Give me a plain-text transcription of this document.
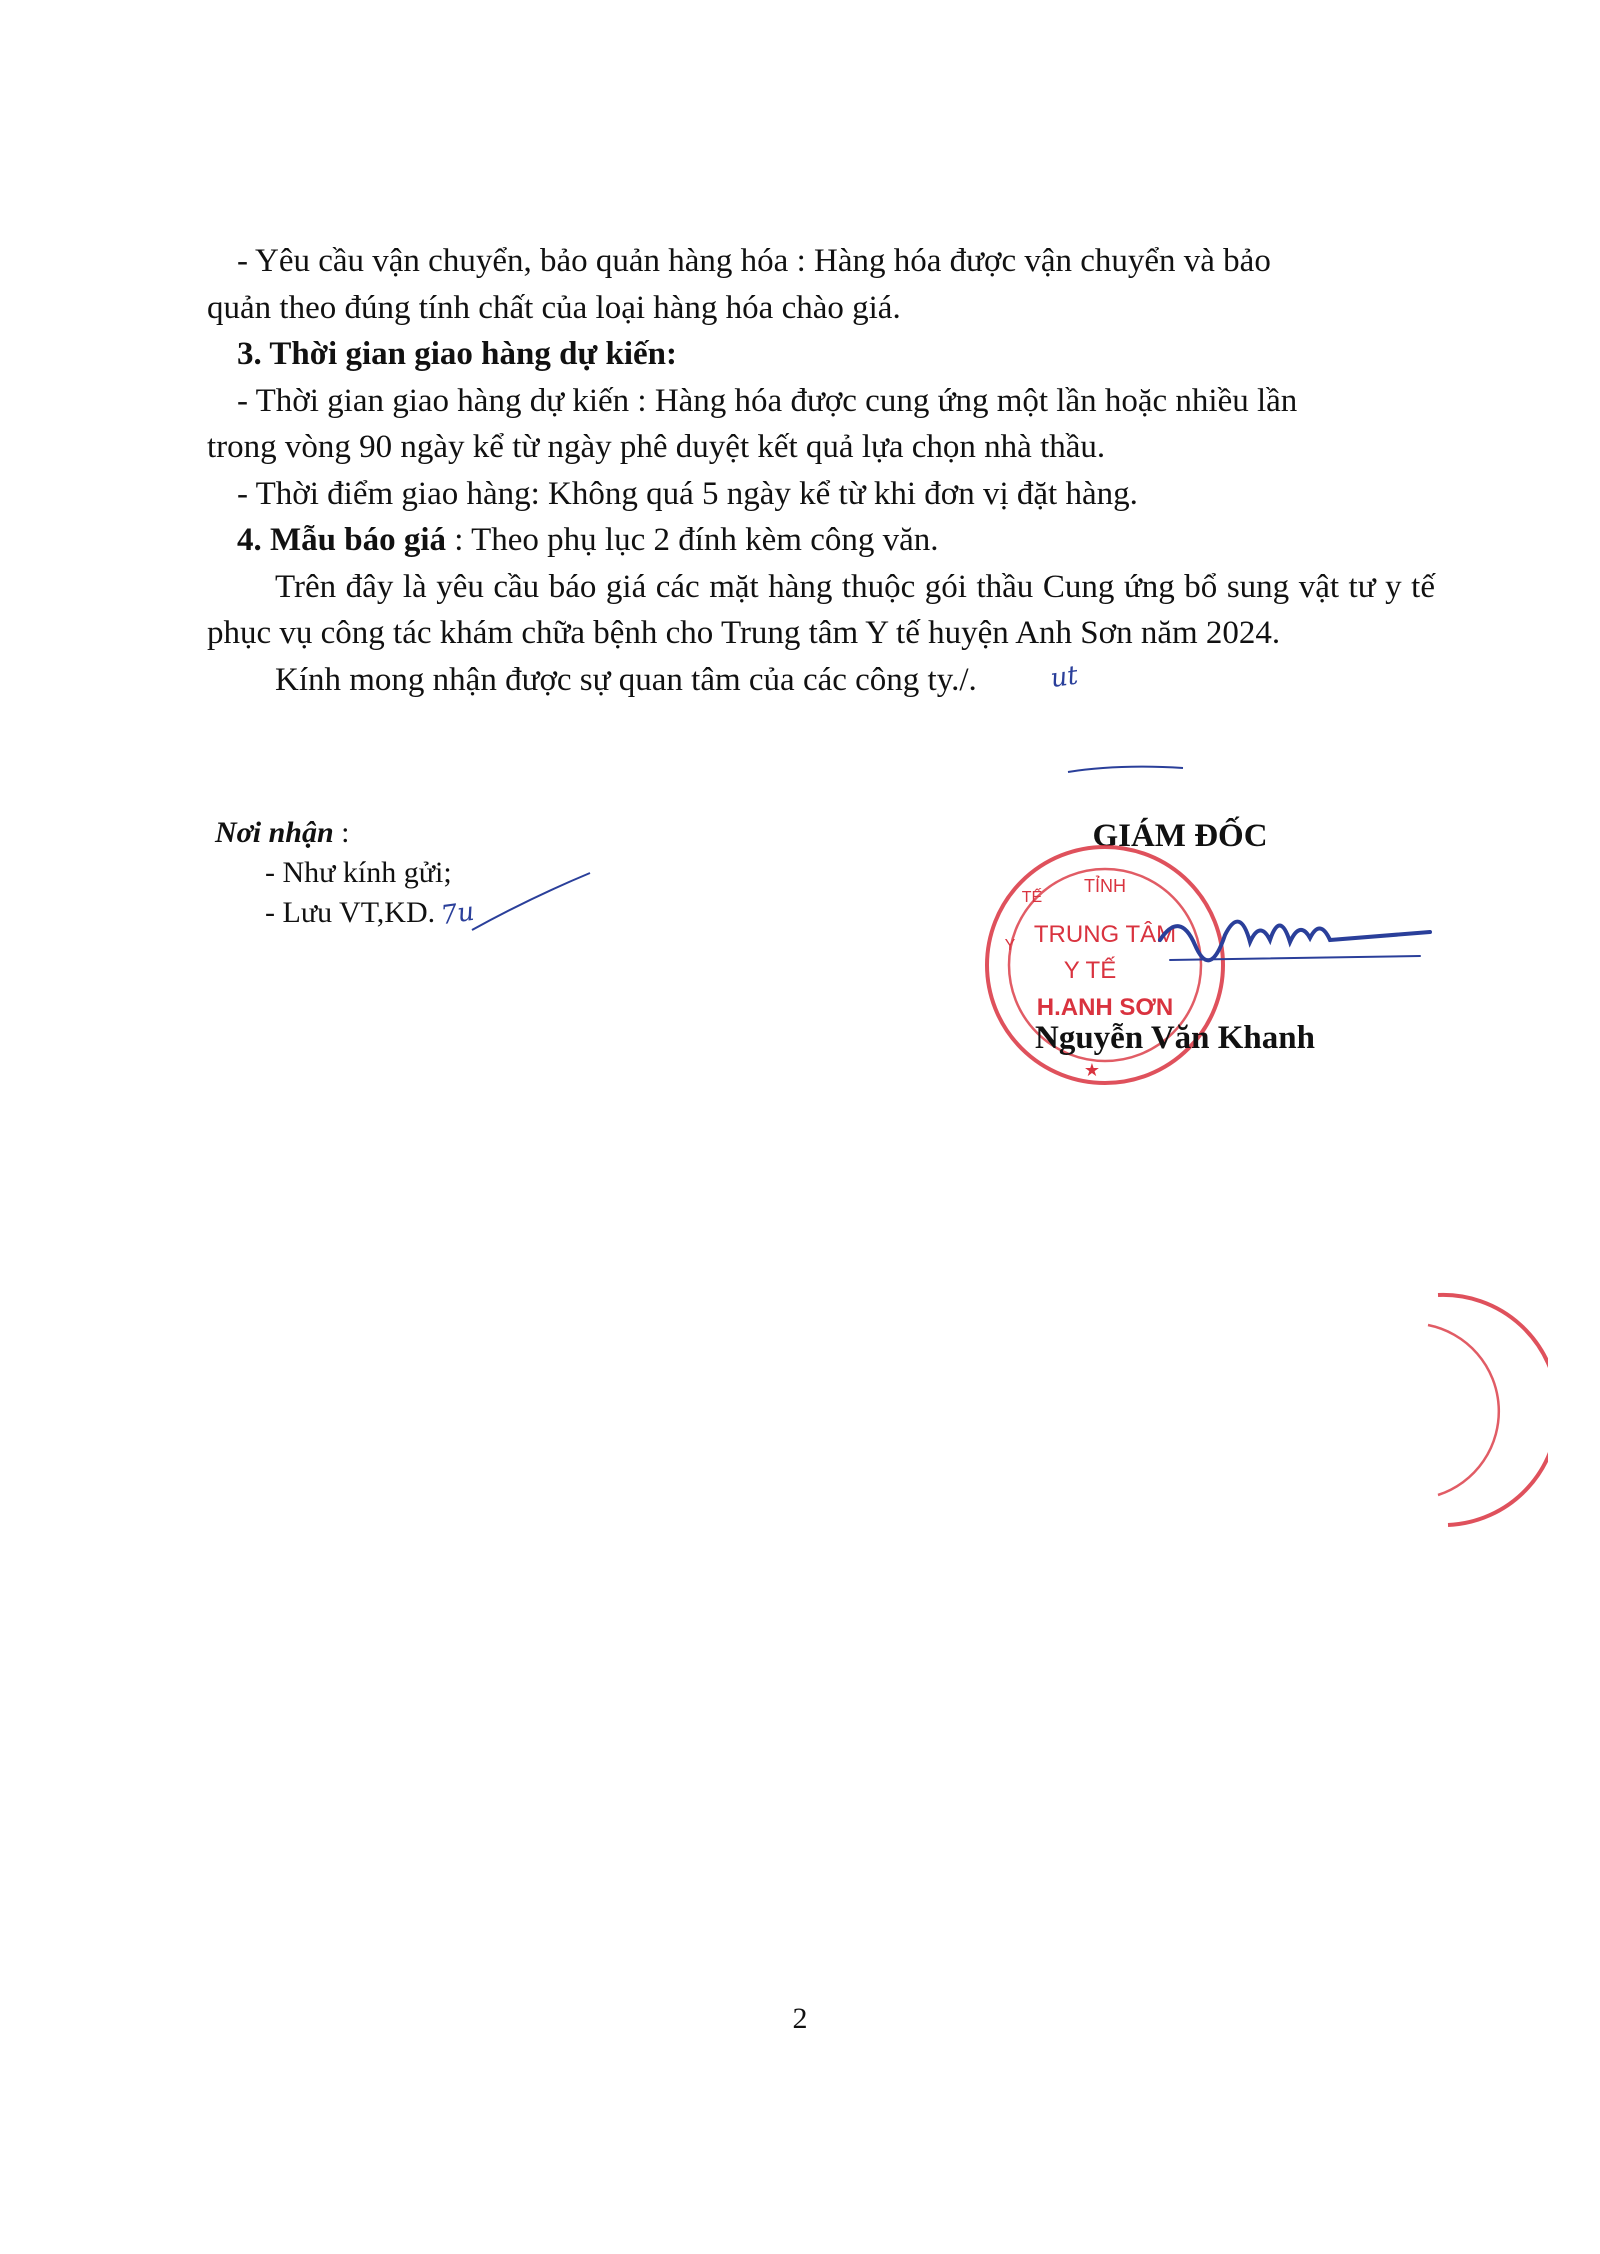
- Yêu cầu vận chuyển, bảo quản hàng hóa : Hàng hóa được vận chuyển và bảo
quản theo đúng tính chất của loại hàng hóa chào giá.

3. Thời gian giao hàng dự kiến:

- Thời gian giao hàng dự kiến : Hàng hóa được cung ứng một lần hoặc nhiều lần
trong vòng 90 ngày kể từ ngày phê duyệt kết quả lựa chọn nhà thầu.

- Thời điểm giao hàng: Không quá 5 ngày kể từ khi đơn vị đặt hàng.

4. Mẫu báo giá : Theo phụ lục 2 đính kèm công văn.

Trên đây là yêu cầu báo giá các mặt hàng thuộc gói thầu Cung ứng bổ sung vật tư y tế phục vụ công tác khám chữa bệnh cho Trung tâm Y tế huyện Anh Sơn năm 2024.

Kính mong nhận được sự quan tâm của các công ty./.	ut

Nơi nhận :
- Như kính gửi;
- Lưu VT,KD. 7u
GIÁM ĐỐC
TỈNH
Y
TẾ
TRUNG TÂM
Y TẾ
H.ANH SƠN
★
Nguyễn Văn Khanh
2
